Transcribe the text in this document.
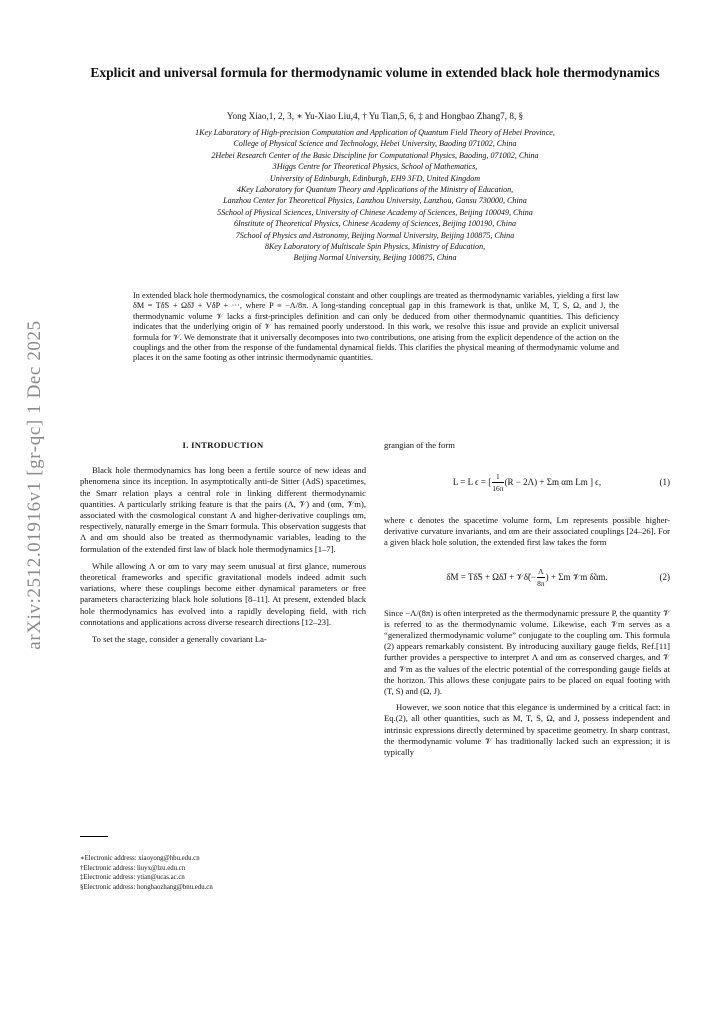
arXiv:2512.01916v1 [gr-qc] 1 Dec 2025
Explicit and universal formula for thermodynamic volume in extended black hole thermodynamics
Yong Xiao,1, 2, 3, ∗ Yu-Xiao Liu,4, † Yu Tian,5, 6, ‡ and Hongbao Zhang7, 8, §
1Key Laboratory of High-precision Computation and Application of Quantum Field Theory of Hebei Province,
College of Physical Science and Technology, Hebei University, Baoding 071002, China
2Hebei Research Center of the Basic Discipline for Computational Physics, Baoding, 071002, China
3Higgs Centre for Theoretical Physics, School of Mathematics,
University of Edinburgh, Edinburgh, EH9 3FD, United Kingdom
4Key Laboratory for Quantum Theory and Applications of the Ministry of Education,
Lanzhou Center for Theoretical Physics, Lanzhou University, Lanzhou, Gansu 730000, China
5School of Physical Sciences, University of Chinese Academy of Sciences, Beijing 100049, China
6Institute of Theoretical Physics, Chinese Academy of Sciences, Beijing 100190, China
7School of Physics and Astronomy, Beijing Normal University, Beijing 100875, China
8Key Laboratory of Multiscale Spin Physics, Ministry of Education,
Beijing Normal University, Beijing 100875, China
In extended black hole thermodynamics, the cosmological constant and other couplings are treated as thermodynamic variables, yielding a first law δ̃M = Tδ̃S + Ωδ̃J + Vδ̃P + ···, where P ≡ −Λ/8π. A long-standing conceptual gap in this framework is that, unlike M, T, S, Ω, and J, the thermodynamic volume 𝒱 lacks a first-principles definition and can only be deduced from other thermodynamic quantities. This deficiency indicates that the underlying origin of 𝒱 has remained poorly understood. In this work, we resolve this issue and provide an explicit universal formula for 𝒱. We demonstrate that it universally decomposes into two contributions, one arising from the explicit dependence of the action on the couplings and the other from the response of the fundamental dynamical fields. This clarifies the physical meaning of thermodynamic volume and places it on the same footing as other intrinsic thermodynamic quantities.
I. INTRODUCTION

Black hole thermodynamics has long been a fertile source of new ideas and phenomena since its inception. In asymptotically anti-de Sitter (AdS) spacetimes, the Smarr relation plays a central role in linking different thermodynamic quantities. A particularly striking feature is that the pairs (Λ, 𝒱) and (αm, 𝒱m), associated with the cosmological constant Λ and higher-derivative couplings αm, respectively, naturally emerge in the Smarr formula. This observation suggests that Λ and αm should also be treated as thermodynamic variables, leading to the formulation of the extended first law of black hole thermodynamics [1–7].

While allowing Λ or αm to vary may seem unusual at first glance, numerous theoretical frameworks and specific gravitational models indeed admit such variations, where these couplings become either dynamical parameters or free parameters characterizing black hole solutions [8–11]. At present, extended black hole thermodynamics has evolved into a rapidly developing field, with rich connotations and applications across diverse research directions [12–23].

To set the stage, consider a generally covariant La-

grangian of the form

L = L ϵ = [ $\frac{1}{16\pi} (R - 2\Lambda) + \Sigma m$ αm Lm ] ϵ,	(1)

where ϵ denotes the spacetime volume form, Lm represents possible higher-derivative curvature invariants, and αm are their associated couplings [24–26]. For a given black hole solution, the extended first law takes the form

δ̃M = Tδ̃S + Ωδ̃J + 𝒱δ̃(− $\frac{\Lambda}{8\pi}$ ) + Σm 𝒱m δ̃αm.	(2)

Since −Λ/(8π) is often interpreted as the thermodynamic pressure P, the quantity 𝒱 is referred to as the thermodynamic volume. Likewise, each 𝒱m serves as a “generalized thermodynamic volume” conjugate to the coupling αm. This formula (2) appears remarkably consistent. By introducing auxiliary gauge fields, Ref.[11] further provides a perspective to interpret Λ and αm as conserved charges, and 𝒱 and 𝒱m as the values of the electric potential of the corresponding gauge fields at the horizon. This allows these conjugate pairs to be placed on equal footing with (T, S) and (Ω, J).

However, we soon notice that this elegance is undermined by a critical fact: in Eq.(2), all other quantities, such as M, T, S, Ω, and J, possess independent and intrinsic expressions directly determined by spacetime geometry. In sharp contrast, the thermodynamic volume 𝒱 has traditionally lacked such an expression; it is typically

∗Electronic address: xiaoyong@hbu.edu.cn
†Electronic address: liuyx@lzu.edu.cn
‡Electronic address: ytian@ucas.ac.cn
§Electronic address: hongbaozhang@bnu.edu.cn
